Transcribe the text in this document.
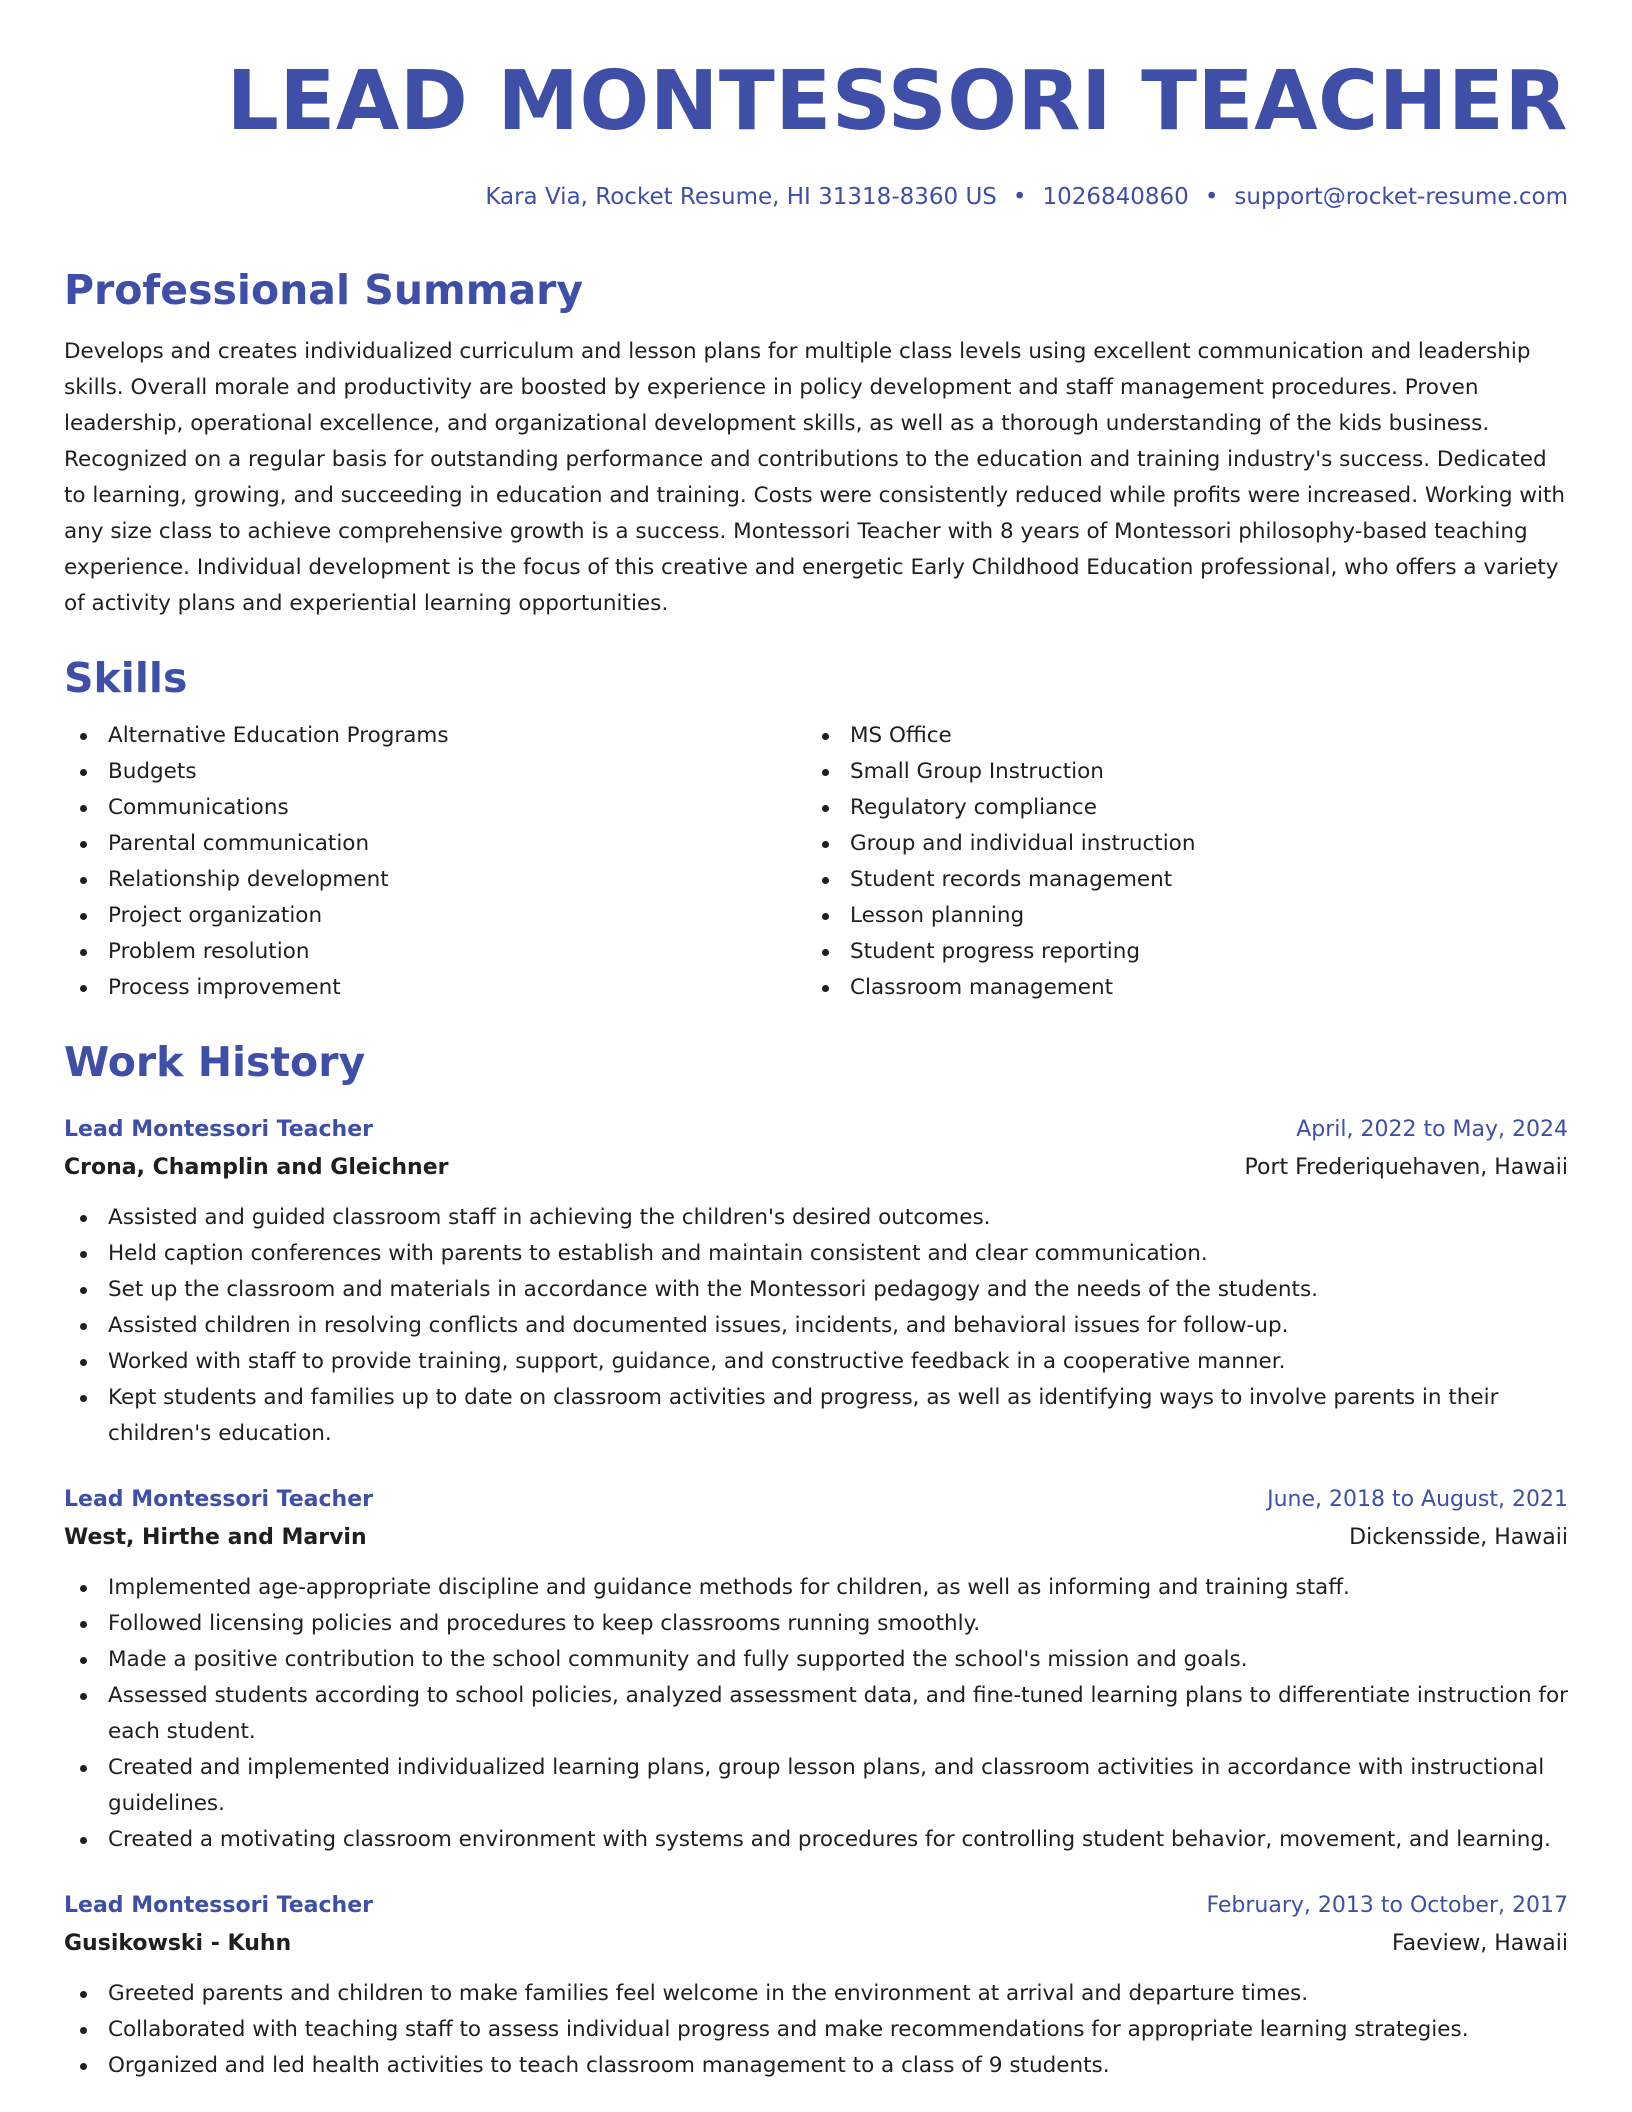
LEAD MONTESSORI TEACHER
Kara Via, Rocket Resume, HI 31318-8360 US • 1026840860 • support@rocket-resume.com
Professional Summary

Develops and creates individualized curriculum and lesson plans for multiple class levels using excellent communication and leadership skills. Overall morale and productivity are boosted by experience in policy development and staff management procedures. Proven leadership, operational excellence, and organizational development skills, as well as a thorough understanding of the kids business. Recognized on a regular basis for outstanding performance and contributions to the education and training industry's success. Dedicated to learning, growing, and succeeding in education and training. Costs were consistently reduced while profits were increased. Working with any size class to achieve comprehensive growth is a success. Montessori Teacher with 8 years of Montessori philosophy-based teaching experience. Individual development is the focus of this creative and energetic Early Childhood Education professional, who offers a variety of activity plans and experiential learning opportunities.

Skills
Alternative Education Programs
Budgets
Communications
Parental communication
Relationship development
Project organization
Problem resolution
Process improvement
MS Office
Small Group Instruction
Regulatory compliance
Group and individual instruction
Student records management
Lesson planning
Student progress reporting
Classroom management
Work History
Lead Montessori Teacher	April, 2022 to May, 2024
Crona, Champlin and Gleichner	Port Frederiquehaven, Hawaii
Assisted and guided classroom staff in achieving the children's desired outcomes.
Held caption conferences with parents to establish and maintain consistent and clear communication.
Set up the classroom and materials in accordance with the Montessori pedagogy and the needs of the students.
Assisted children in resolving conflicts and documented issues, incidents, and behavioral issues for follow-up.
Worked with staff to provide training, support, guidance, and constructive feedback in a cooperative manner.
Kept students and families up to date on classroom activities and progress, as well as identifying ways to involve parents in their children's education.
Lead Montessori Teacher	June, 2018 to August, 2021
West, Hirthe and Marvin	Dickensside, Hawaii
Implemented age-appropriate discipline and guidance methods for children, as well as informing and training staff.
Followed licensing policies and procedures to keep classrooms running smoothly.
Made a positive contribution to the school community and fully supported the school's mission and goals.
Assessed students according to school policies, analyzed assessment data, and fine-tuned learning plans to differentiate instruction for each student.
Created and implemented individualized learning plans, group lesson plans, and classroom activities in accordance with instructional guidelines.
Created a motivating classroom environment with systems and procedures for controlling student behavior, movement, and learning.
Lead Montessori Teacher	February, 2013 to October, 2017
Gusikowski - Kuhn	Faeview, Hawaii
Greeted parents and children to make families feel welcome in the environment at arrival and departure times.
Collaborated with teaching staff to assess individual progress and make recommendations for appropriate learning strategies.
Organized and led health activities to teach classroom management to a class of 9 students.
